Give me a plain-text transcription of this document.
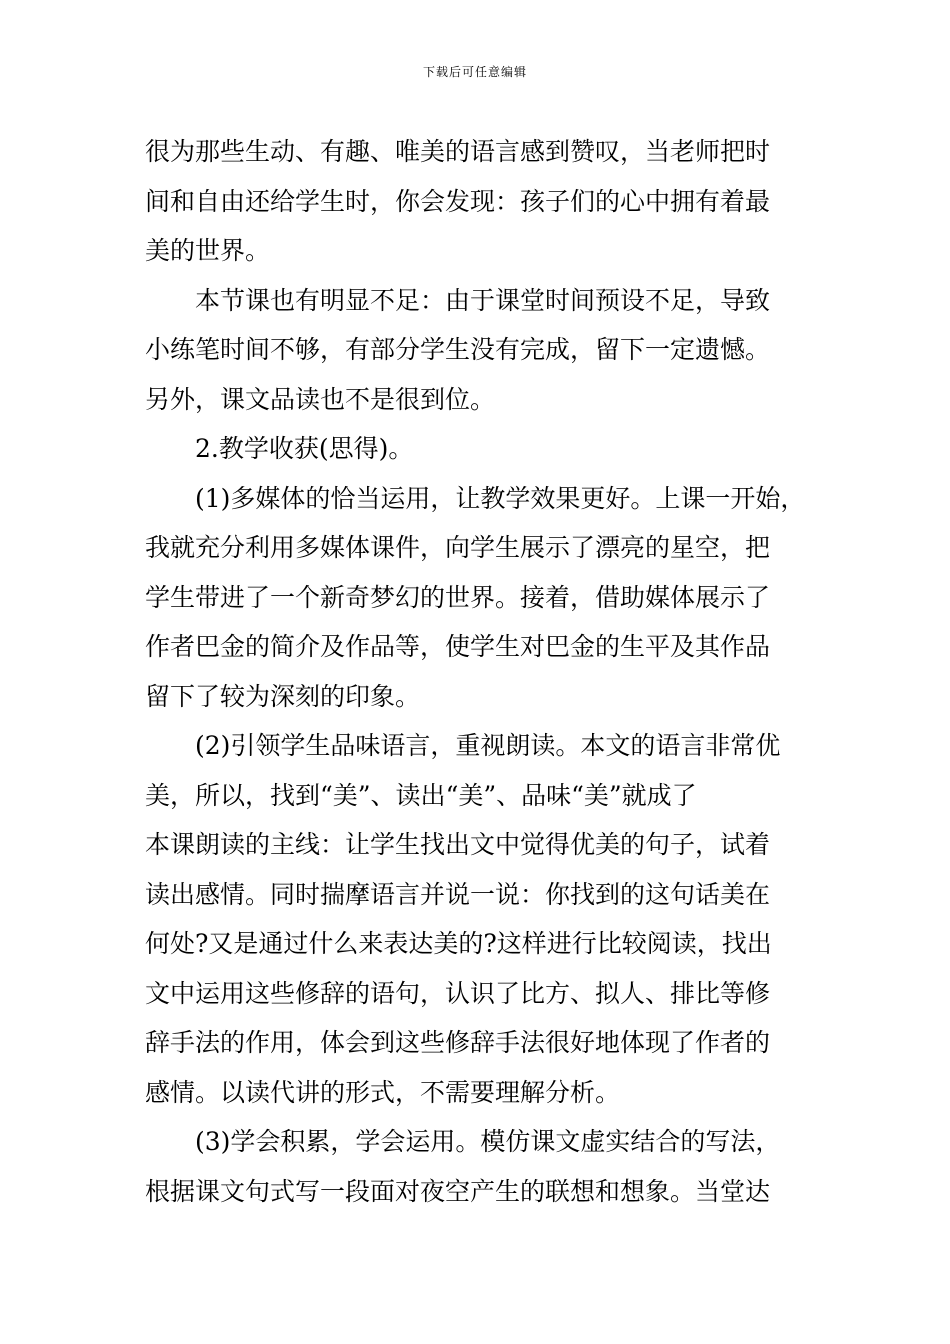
下载后可任意编辑
很为那些生动、有趣、唯美的语言感到赞叹，当老师把时
间和自由还给学生时，你会发现：孩子们的心中拥有着最
美的世界。
本节课也有明显不足：由于课堂时间预设不足，导致
小练笔时间不够，有部分学生没有完成，留下一定遗憾。
另外，课文品读也不是很到位。
2.教学收获(思得)。
(1)多媒体的恰当运用，让教学效果更好。上课一开始，
我就充分利用多媒体课件，向学生展示了漂亮的星空，把
学生带进了一个新奇梦幻的世界。接着，借助媒体展示了
作者巴金的简介及作品等，使学生对巴金的生平及其作品
留下了较为深刻的印象。
(2)引领学生品味语言，重视朗读。本文的语言非常优
美，所以，找到“美”、读出“美”、品味“美”就成了
本课朗读的主线：让学生找出文中觉得优美的句子，试着
读出感情。同时揣摩语言并说一说：你找到的这句话美在
何处?又是通过什么来表达美的?这样进行比较阅读，找出
文中运用这些修辞的语句，认识了比方、拟人、排比等修
辞手法的作用，体会到这些修辞手法很好地体现了作者的
感情。以读代讲的形式，不需要理解分析。
(3)学会积累，学会运用。模仿课文虚实结合的写法，
根据课文句式写一段面对夜空产生的联想和想象。当堂达
